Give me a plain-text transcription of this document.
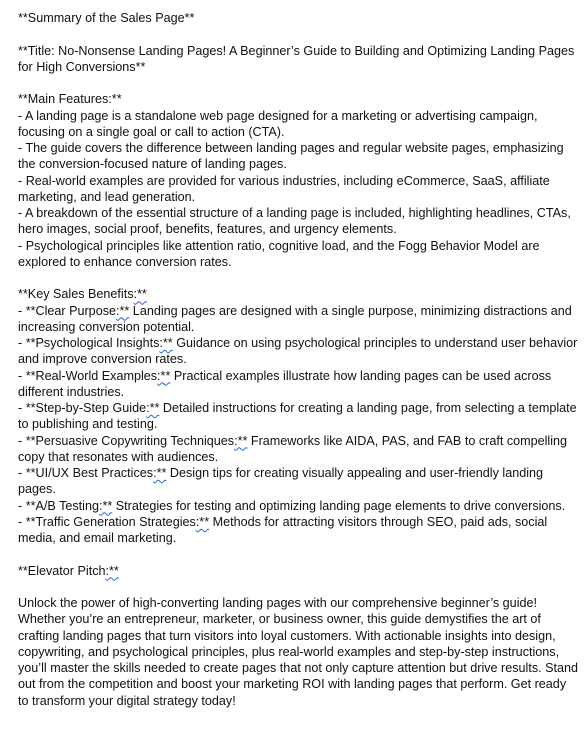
**Summary of the Sales Page**

**Title: No-Nonsense Landing Pages! A Beginner’s Guide to Building and Optimizing Landing Pages for High Conversions**

**Main Features:**

- A landing page is a standalone web page designed for a marketing or advertising campaign, focusing on a single goal or call to action (CTA).

- The guide covers the difference between landing pages and regular website pages, emphasizing the conversion-focused nature of landing pages.

- Real-world examples are provided for various industries, including eCommerce, SaaS, affiliate marketing, and lead generation.

- A breakdown of the essential structure of a landing page is included, highlighting headlines, CTAs, hero images, social proof, benefits, features, and urgency elements.

- Psychological principles like attention ratio, cognitive load, and the Fogg Behavior Model are explored to enhance conversion rates.

**Key Sales Benefits:**

- **Clear Purpose:** Landing pages are designed with a single purpose, minimizing distractions and increasing conversion potential.

- **Psychological Insights:** Guidance on using psychological principles to understand user behavior and improve conversion rates.

- **Real-World Examples:** Practical examples illustrate how landing pages can be used across different industries.

- **Step-by-Step Guide:** Detailed instructions for creating a landing page, from selecting a template to publishing and testing.

- **Persuasive Copywriting Techniques:** Frameworks like AIDA, PAS, and FAB to craft compelling copy that resonates with audiences.

- **UI/UX Best Practices:** Design tips for creating visually appealing and user-friendly landing pages.

- **A/B Testing:** Strategies for testing and optimizing landing page elements to drive conversions.

- **Traffic Generation Strategies:** Methods for attracting visitors through SEO, paid ads, social media, and email marketing.

**Elevator Pitch:**

Unlock the power of high-converting landing pages with our comprehensive beginner’s guide! Whether you’re an entrepreneur, marketer, or business owner, this guide demystifies the art of crafting landing pages that turn visitors into loyal customers. With actionable insights into design, copywriting, and psychological principles, plus real-world examples and step-by-step instructions, you’ll master the skills needed to create pages that not only capture attention but drive results. Stand out from the competition and boost your marketing ROI with landing pages that perform. Get ready to transform your digital strategy today!
